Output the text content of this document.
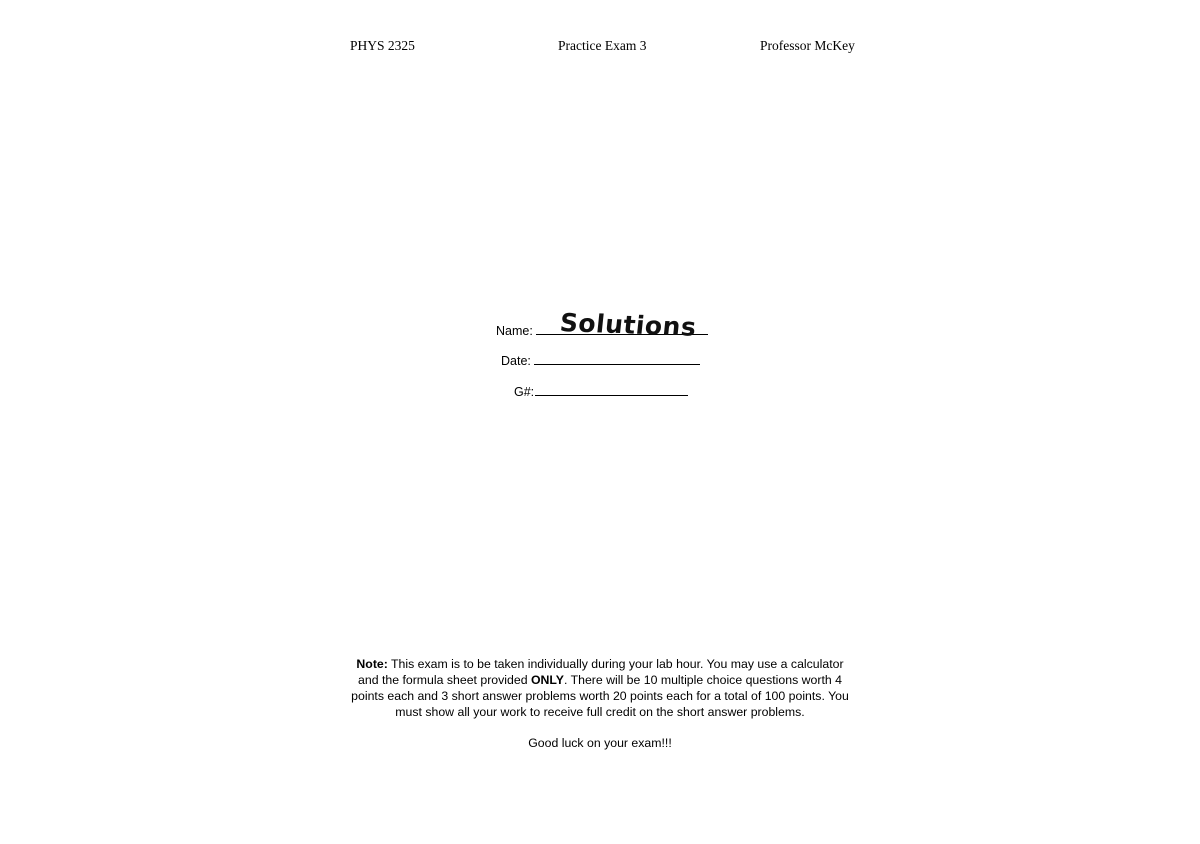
PHYS 2325	Practice Exam 3	Professor McKey
Name:	Solutions
Date:
G#:
Note: This exam is to be taken individually during your lab hour. You may use a calculator and the formula sheet provided ONLY. There will be 10 multiple choice questions worth 4 points each and 3 short answer problems worth 20 points each for a total of 100 points. You must show all your work to receive full credit on the short answer problems.
Good luck on your exam!!!
